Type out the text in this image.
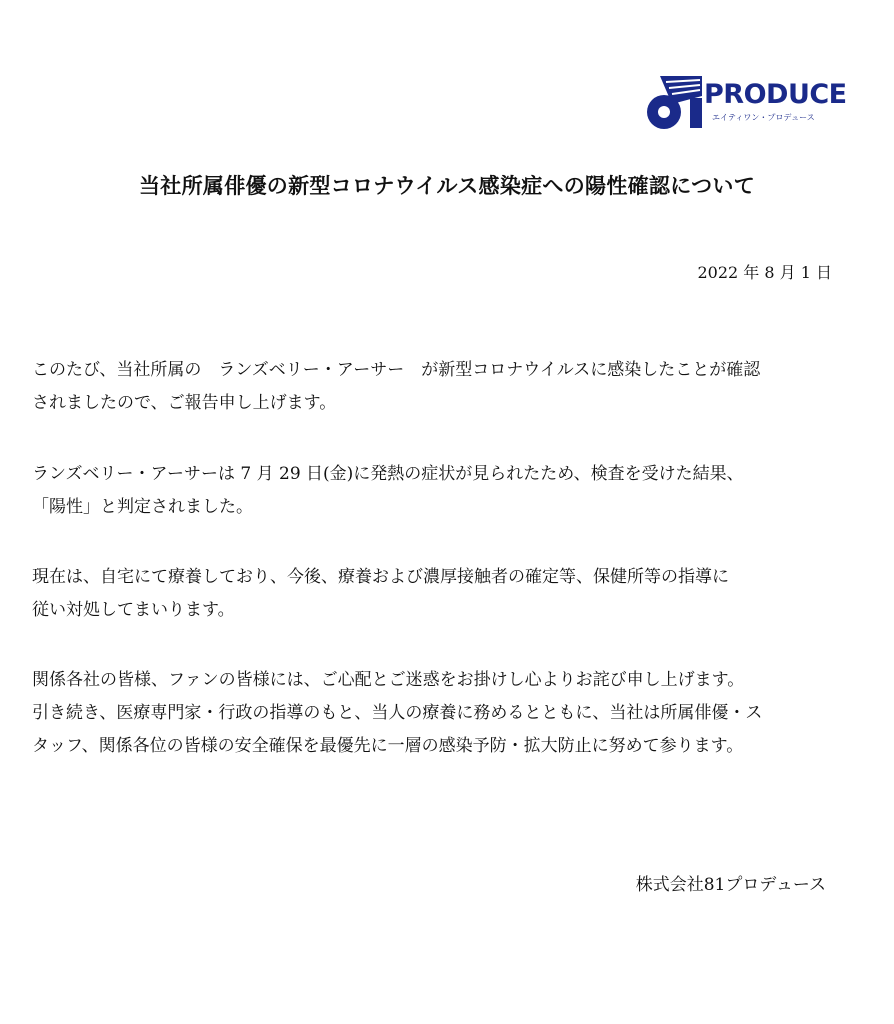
PRODUCE
エイティワン・プロデュース
当社所属俳優の新型コロナウイルス感染症への陽性確認について
2022 年 8 月 1 日

このたび、当社所属の　ランズベリー・アーサー　が新型コロナウイルスに感染したことが確認
されましたので、ご報告申し上げます。

ランズベリー・アーサーは 7 月 29 日(金)に発熱の症状が見られたため、検査を受けた結果、
「陽性」と判定されました。

現在は、自宅にて療養しており、今後、療養および濃厚接触者の確定等、保健所等の指導に
従い対処してまいります。

関係各社の皆様、ファンの皆様には、ご心配とご迷惑をお掛けし心よりお詫び申し上げます。
引き続き、医療専門家・行政の指導のもと、当人の療養に務めるとともに、当社は所属俳優・ス
タッフ、関係各位の皆様の安全確保を最優先に一層の感染予防・拡大防止に努めて参ります。

株式会社81プロデュース
